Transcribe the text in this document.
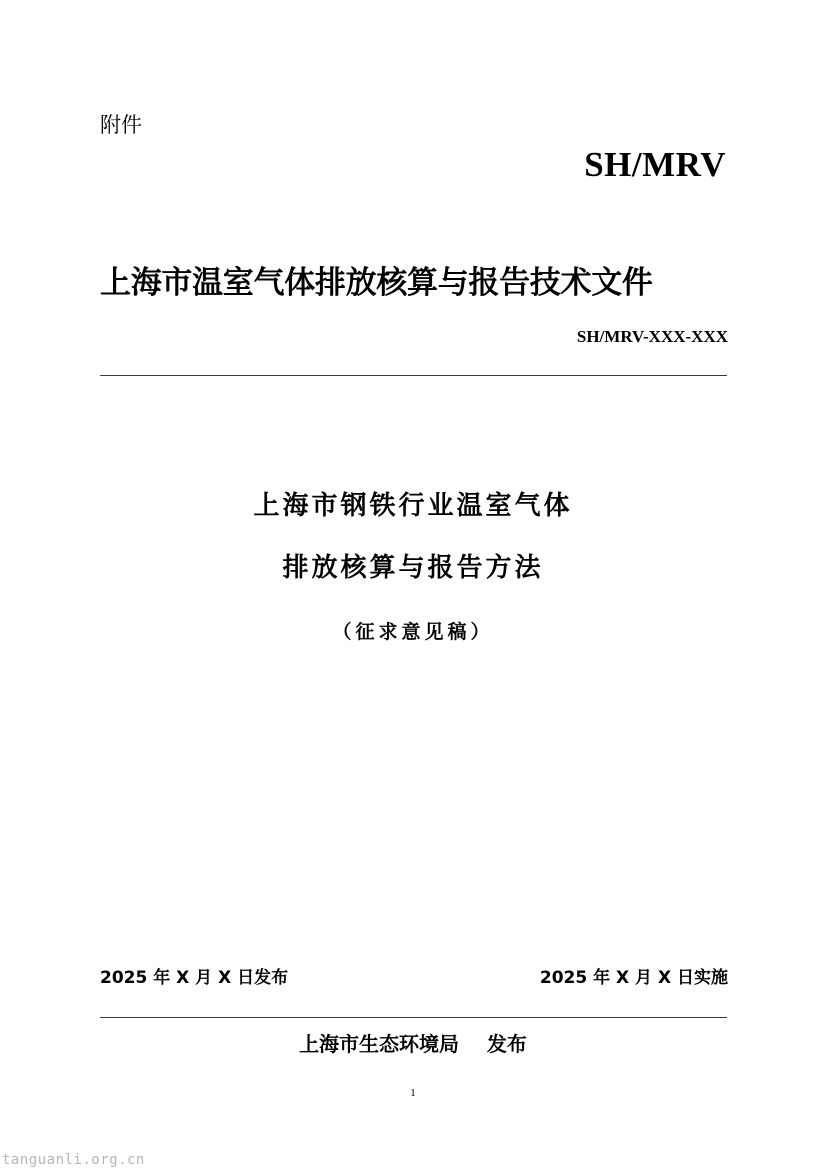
附件
SH/MRV
上海市温室气体排放核算与报告技术文件
SH/MRV-XXX-XXX
上海市钢铁行业温室气体
排放核算与报告方法
（征求意见稿）
2025 年 X 月 X 日发布	2025 年 X 月 X 日实施
上海市生态环境局    发布
1
tanguanli.org.cn
